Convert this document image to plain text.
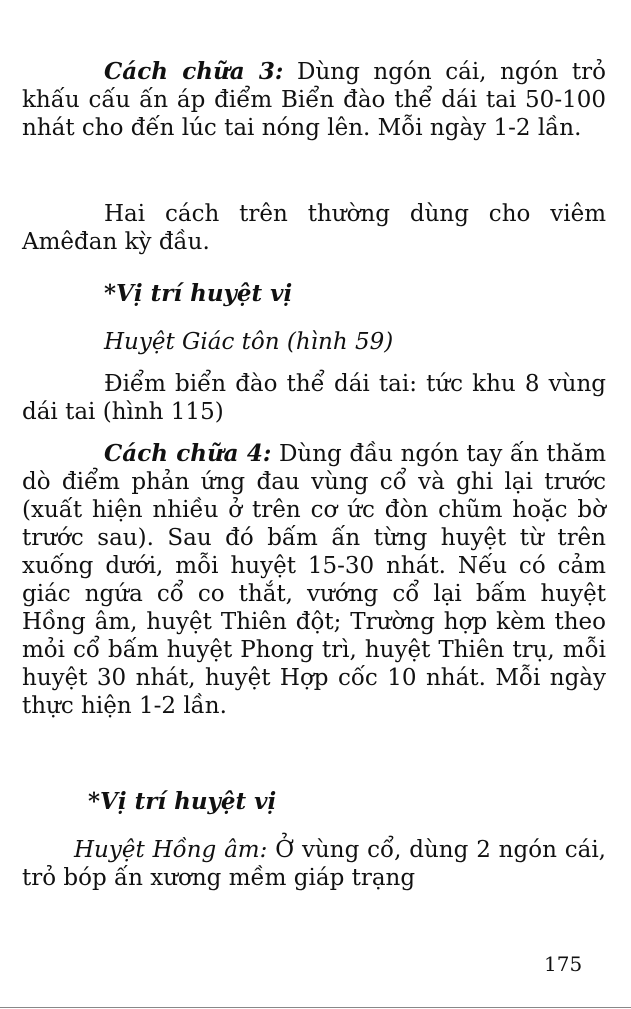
Cách chữa 3: Dùng ngón cái, ngón trỏ khấu cấu ấn áp điểm Biển đào thể dái tai 50-100 nhát cho đến lúc tai nóng lên. Mỗi ngày 1-2 lần.

Hai cách trên thường dùng cho viêm Amêđan kỳ đầu.

*Vị trí huyệt vị

Huyệt Giác tôn (hình 59)

Điểm biển đào thể dái tai: tức khu 8 vùng dái tai (hình 115)

Cách chữa 4: Dùng đầu ngón tay ấn thăm dò điểm phản ứng đau vùng cổ và ghi lại trước (xuất hiện nhiều ở trên cơ ức đòn chũm hoặc bờ trước sau). Sau đó bấm ấn từng huyệt từ trên xuống dưới, mỗi huyệt 15-30 nhát. Nếu có cảm giác ngứa cổ co thắt, vướng cổ lại bấm huyệt Hồng âm, huyệt Thiên đột; Trường hợp kèm theo mỏi cổ bấm huyệt Phong trì, huyệt Thiên trụ, mỗi huyệt 30 nhát, huyệt Hợp cốc 10 nhát. Mỗi ngày thực hiện 1-2 lần.

*Vị trí huyệt vị

Huyệt Hồng âm: Ở vùng cổ, dùng 2 ngón cái, trỏ bóp ấn xương mềm giáp trạng

175
